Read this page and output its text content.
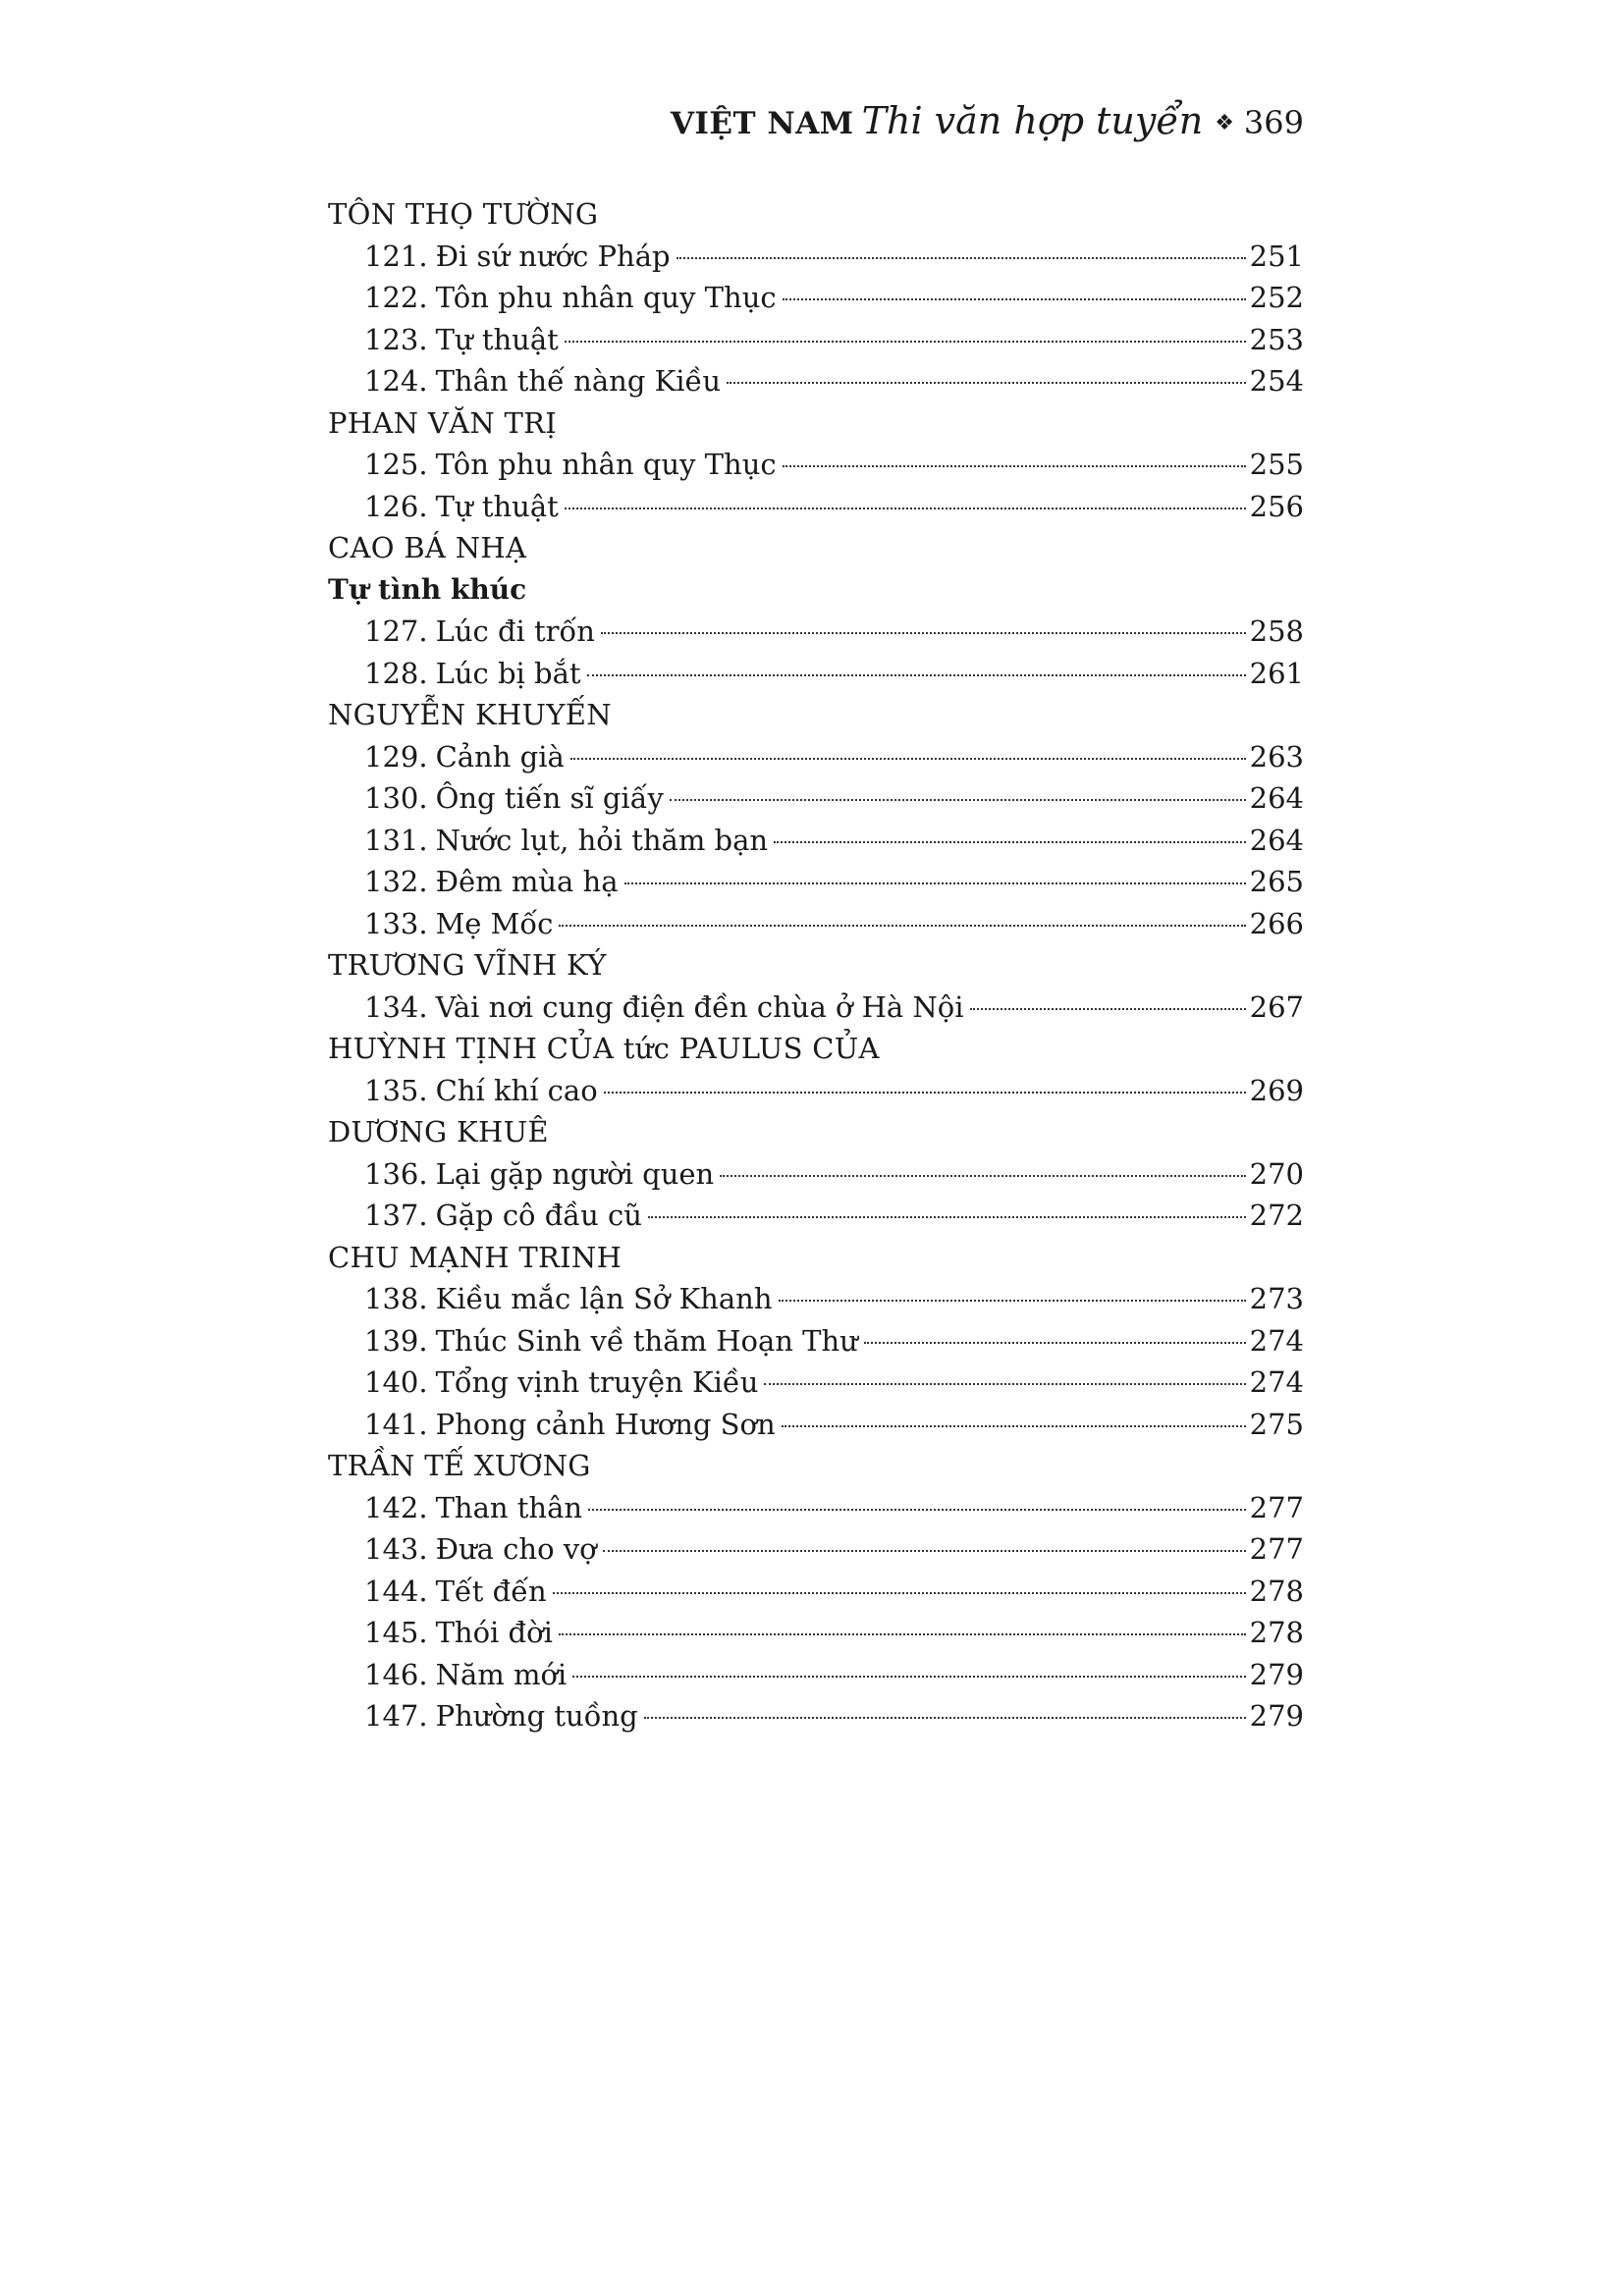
VIỆT NAM Thi văn hợp tuyển ❖ 369
TÔN THỌ TƯỜNG
121. Đi sứ nước Pháp	251
122. Tôn phu nhân quy Thục	252
123. Tự thuật	253
124. Thân thế nàng Kiều	254
PHAN VĂN TRỊ
125. Tôn phu nhân quy Thục	255
126. Tự thuật	256
CAO BÁ NHẠ
Tự tình khúc
127. Lúc đi trốn	258
128. Lúc bị bắt	261
NGUYỄN KHUYẾN
129. Cảnh già	263
130. Ông tiến sĩ giấy	264
131. Nước lụt, hỏi thăm bạn	264
132. Đêm mùa hạ	265
133. Mẹ Mốc	266
TRƯƠNG VĨNH KÝ
134. Vài nơi cung điện đền chùa ở Hà Nội	267
HUỲNH TỊNH CỦA tức PAULUS CỦA
135. Chí khí cao	269
DƯƠNG KHUÊ
136. Lại gặp người quen	270
137. Gặp cô đầu cũ	272
CHU MẠNH TRINH
138. Kiều mắc lận Sở Khanh	273
139. Thúc Sinh về thăm Hoạn Thư	274
140. Tổng vịnh truyện Kiều	274
141. Phong cảnh Hương Sơn	275
TRẦN TẾ XƯƠNG
142. Than thân	277
143. Đưa cho vợ	277
144. Tết đến	278
145. Thói đời	278
146. Năm mới	279
147. Phường tuồng	279
